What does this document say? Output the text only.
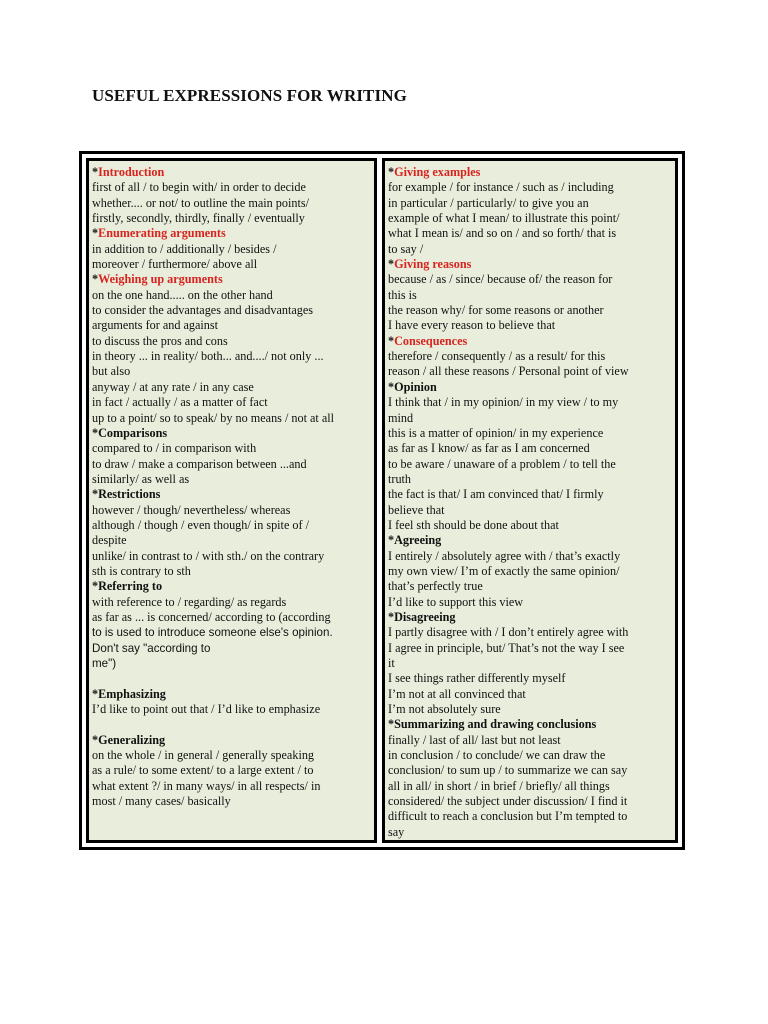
USEFUL EXPRESSIONS FOR WRITING
*Introduction
first of all / to begin with/ in order to decide
whether.... or not/ to outline the main points/
firstly, secondly, thirdly, finally / eventually
*Enumerating arguments
in addition to / additionally / besides /
moreover / furthermore/ above all
*Weighing up arguments
on the one hand..... on the other hand
to consider the advantages and disadvantages
arguments for and against
to discuss the pros and cons
in theory ... in reality/ both... and..../ not only ...
but also
anyway / at any rate / in any case
in fact / actually / as a matter of fact
up to a point/ so to speak/ by no means / not at all
*Comparisons
compared to / in comparison with
to draw / make a comparison between ...and
similarly/ as well as
*Restrictions
however / though/ nevertheless/ whereas
although / though / even though/ in spite of /
despite
unlike/ in contrast to / with sth./ on the contrary
sth is contrary to sth
*Referring to
with reference to / regarding/ as regards
as far as ... is concerned/ according to (according
to is used to introduce someone else's opinion.
Don't say "according to
me")
*Emphasizing
I’d like to point out that / I’d like to emphasize
*Generalizing
on the whole / in general / generally speaking
as a rule/ to some extent/ to a large extent / to
what extent ?/ in many ways/ in all respects/ in
most / many cases/ basically
*Giving examples
for example / for instance / such as / including
in particular / particularly/ to give you an
example of what I mean/ to illustrate this point/
what I mean is/ and so on / and so forth/ that is
to say /
*Giving reasons
because / as / since/ because of/ the reason for
this is
the reason why/ for some reasons or another
I have every reason to believe that
*Consequences
therefore / consequently / as a result/ for this
reason / all these reasons / Personal point of view
*Opinion
I think that / in my opinion/ in my view / to my
mind
this is a matter of opinion/ in my experience
as far as I know/ as far as I am concerned
to be aware / unaware of a problem / to tell the
truth
the fact is that/ I am convinced that/ I firmly
believe that
I feel sth should be done about that
*Agreeing
I entirely / absolutely agree with / that’s exactly
my own view/ I’m of exactly the same opinion/
that’s perfectly true
I’d like to support this view
*Disagreeing
I partly disagree with / I don’t entirely agree with
I agree in principle, but/ That’s not the way I see
it
I see things rather differently myself
I’m not at all convinced that
I’m not absolutely sure
*Summarizing and drawing conclusions
finally / last of all/ last but not least
in conclusion / to conclude/ we can draw the
conclusion/ to sum up / to summarize we can say
all in all/ in short / in brief / briefly/ all things
considered/ the subject under discussion/ I find it
difficult to reach a conclusion but I’m tempted to
say
